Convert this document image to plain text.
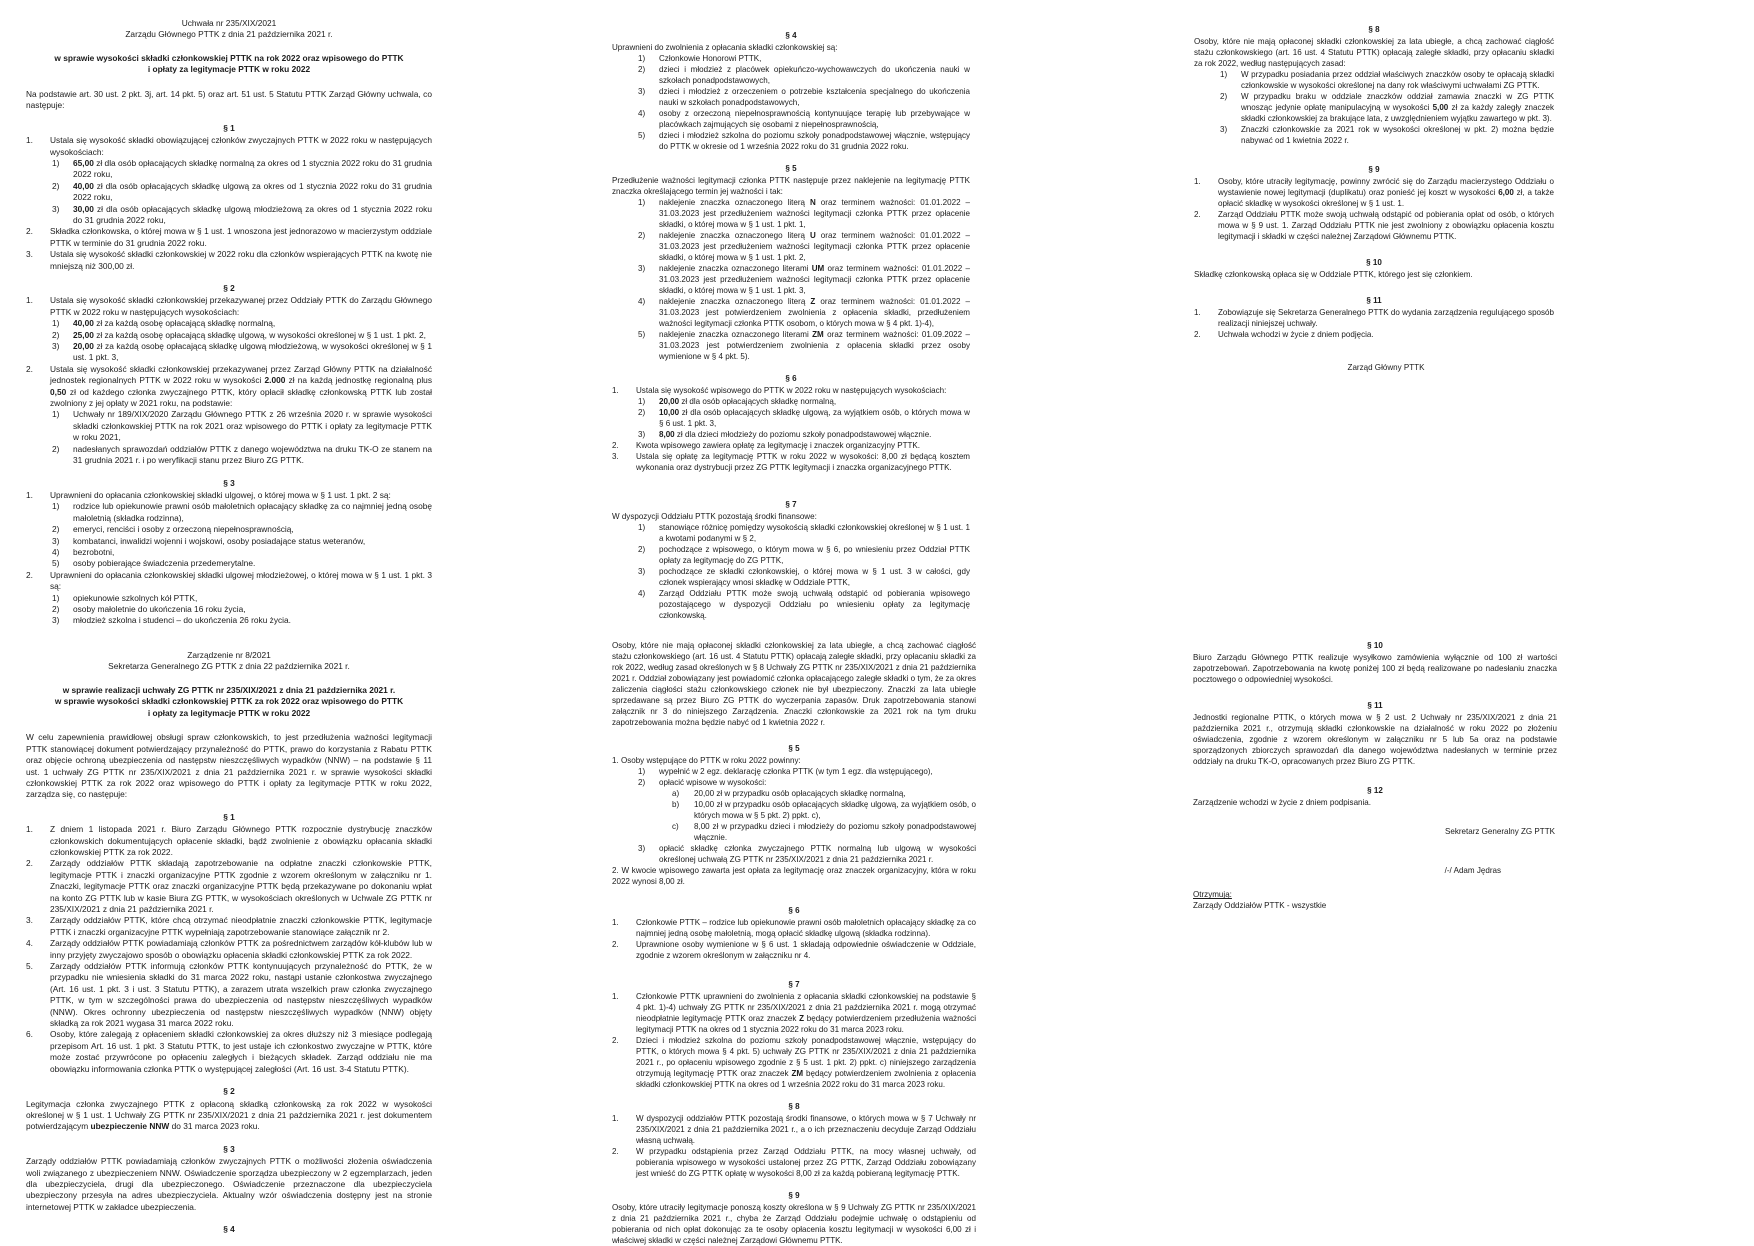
Uchwała nr 235/XIX/2021
Zarządu Głównego PTTK z dnia 21 października 2021 r.
w sprawie wysokości składki członkowskiej PTTK na rok 2022 oraz wpisowego do PTTK
i opłaty za legitymacje PTTK w roku 2022
Na podstawie art. 30 ust. 2 pkt. 3j, art. 14 pkt. 5) oraz art. 51 ust. 5 Statutu PTTK Zarząd Główny uchwala, co następuje:
§ 1
1.	Ustala się wysokość składki obowiązującej członków zwyczajnych PTTK w 2022 roku w następujących wysokościach:
1)	65,00 zł dla osób opłacających składkę normalną za okres od 1 stycznia 2022 roku do 31 grudnia 2022 roku,
2)	40,00 zł dla osób opłacających składkę ulgową za okres od 1 stycznia 2022 roku do 31 grudnia 2022 roku,
3)	30,00 zł dla osób opłacających składkę ulgową młodzieżową za okres od 1 stycznia 2022 roku do 31 grudnia 2022 roku,
2.	Składka członkowska, o której mowa w § 1 ust. 1 wnoszona jest jednorazowo w macierzystym oddziale PTTK w terminie do 31 grudnia 2022 roku.
3.	Ustala się wysokość składki członkowskiej w 2022 roku dla członków wspierających PTTK na kwotę nie mniejszą niż 300,00 zł.
§ 2
1.	Ustala się wysokość składki członkowskiej przekazywanej przez Oddziały PTTK do Zarządu Głównego PTTK w 2022 roku w następujących wysokościach:
1)	40,00 zł za każdą osobę opłacającą składkę normalną,
2)	25,00 zł za każdą osobę opłacającą składkę ulgową, w wysokości określonej w § 1 ust. 1 pkt. 2,
3)	20,00 zł za każdą osobę opłacającą składkę ulgową młodzieżową, w wysokości określonej w § 1 ust. 1 pkt. 3,
2.	Ustala się wysokość składki członkowskiej przekazywanej przez Zarząd Główny PTTK na działalność jednostek regionalnych PTTK w 2022 roku w wysokości 2.000 zł na każdą jednostkę regionalną plus 0,50 zł od każdego członka zwyczajnego PTTK, który opłacił składkę członkowską PTTK lub został zwolniony z jej opłaty w 2021 roku, na podstawie:
1)	Uchwały nr 189/XIX/2020 Zarządu Głównego PTTK z 26 września 2020 r. w sprawie wysokości składki członkowskiej PTTK na rok 2021 oraz wpisowego do PTTK i opłaty za legitymacje PTTK w roku 2021,
2)	nadesłanych sprawozdań oddziałów PTTK z danego województwa na druku TK-O ze stanem na 31 grudnia 2021 r. i po weryfikacji stanu przez Biuro ZG PTTK.
§ 3
1.	Uprawnieni do opłacania członkowskiej składki ulgowej, o której mowa w § 1 ust. 1 pkt. 2 są:
1)	rodzice lub opiekunowie prawni osób małoletnich opłacający składkę za co najmniej jedną osobę małoletnią (składka rodzinna),
2)	emeryci, renciści i osoby z orzeczoną niepełnosprawnością,
3)	kombatanci, inwalidzi wojenni i wojskowi, osoby posiadające status weteranów,
4)	bezrobotni,
5)	osoby pobierające świadczenia przedemerytalne.
2.	Uprawnieni do opłacania członkowskiej składki ulgowej młodzieżowej, o której mowa w § 1 ust. 1 pkt. 3 są:
1)	opiekunowie szkolnych kół PTTK,
2)	osoby małoletnie do ukończenia 16 roku życia,
3)	młodzież szkolna i studenci – do ukończenia 26 roku życia.
§ 4
Uprawnieni do zwolnienia z opłacania składki członkowskiej są:
1)	Członkowie Honorowi PTTK,
2)	dzieci i młodzież z placówek opiekuńczo-wychowawczych do ukończenia nauki w szkołach ponadpodstawowych,
3)	dzieci i młodzież z orzeczeniem o potrzebie kształcenia specjalnego do ukończenia nauki w szkołach ponadpodstawowych,
4)	osoby z orzeczoną niepełnosprawnością kontynuujące terapię lub przebywające w placówkach zajmujących się osobami z niepełnosprawnością,
5)	dzieci i młodzież szkolna do poziomu szkoły ponadpodstawowej włącznie, wstępujący do PTTK w okresie od 1 września 2022 roku do 31 grudnia 2022 roku.
§ 5
Przedłużenie ważności legitymacji członka PTTK następuje przez naklejenie na legitymację PTTK znaczka określającego termin jej ważności i tak:
1)	naklejenie znaczka oznaczonego literą N oraz terminem ważności: 01.01.2022 – 31.03.2023 jest przedłużeniem ważności legitymacji członka PTTK przez opłacenie składki, o której mowa w § 1 ust. 1 pkt. 1,
2)	naklejenie znaczka oznaczonego literą U oraz terminem ważności: 01.01.2022 – 31.03.2023 jest przedłużeniem ważności legitymacji członka PTTK przez opłacenie składki, o której mowa w § 1 ust. 1 pkt. 2,
3)	naklejenie znaczka oznaczonego literami UM oraz terminem ważności: 01.01.2022 – 31.03.2023 jest przedłużeniem ważności legitymacji członka PTTK przez opłacenie składki, o której mowa w § 1 ust. 1 pkt. 3,
4)	naklejenie znaczka oznaczonego literą Z oraz terminem ważności: 01.01.2022 – 31.03.2023 jest potwierdzeniem zwolnienia z opłacenia składki, przedłużeniem ważności legitymacji członka PTTK osobom, o których mowa w § 4 pkt. 1)-4),
5)	naklejenie znaczka oznaczonego literami ZM oraz terminem ważności: 01.09.2022 – 31.03.2023 jest potwierdzeniem zwolnienia z opłacenia składki przez osoby wymienione w § 4 pkt. 5).
§ 6
1.	Ustala się wysokość wpisowego do PTTK w 2022 roku w następujących wysokościach:
1)	20,00 zł dla osób opłacających składkę normalną,
2)	10,00 zł dla osób opłacających składkę ulgową, za wyjątkiem osób, o których mowa w § 6 ust. 1 pkt. 3,
3)	8,00 zł dla dzieci młodzieży do poziomu szkoły ponadpodstawowej włącznie.
2.	Kwota wpisowego zawiera opłatę za legitymację i znaczek organizacyjny PTTK.
3.	Ustala się opłatę za legitymację PTTK w roku 2022 w wysokości: 8,00 zł będącą kosztem wykonania oraz dystrybucji przez ZG PTTK legitymacji i znaczka organizacyjnego PTTK.
§ 7
W dyspozycji Oddziału PTTK pozostają środki finansowe:
1)	stanowiące różnicę pomiędzy wysokością składki członkowskiej określonej w § 1 ust. 1 a kwotami podanymi w § 2,
2)	pochodzące z wpisowego, o którym mowa w § 6, po wniesieniu przez Oddział PTTK opłaty za legitymację do ZG PTTK,
3)	pochodzące ze składki członkowskiej, o której mowa w § 1 ust. 3 w całości, gdy członek wspierający wnosi składkę w Oddziale PTTK,
4)	Zarząd Oddziału PTTK może swoją uchwałą odstąpić od pobierania wpisowego pozostającego w dyspozycji Oddziału po wniesieniu opłaty za legitymację członkowską.
§ 8
Osoby, które nie mają opłaconej składki członkowskiej za lata ubiegłe, a chcą zachować ciągłość stażu członkowskiego (art. 16 ust. 4 Statutu PTTK) opłacają zaległe składki, przy opłacaniu składki za rok 2022, według następujących zasad:
1)	W przypadku posiadania przez oddział właściwych znaczków osoby te opłacają składki członkowskie w wysokości określonej na dany rok właściwymi uchwałami ZG PTTK.
2)	W przypadku braku w oddziale znaczków oddział zamawia znaczki w ZG PTTK wnosząc jedynie opłatę manipulacyjną w wysokości 5,00 zł za każdy zaległy znaczek składki członkowskiej za brakujące lata, z uwzględnieniem wyjątku zawartego w pkt. 3).
3)	Znaczki członkowskie za 2021 rok w wysokości określonej w pkt. 2) można będzie nabywać od 1 kwietnia 2022 r.
§ 9
1.	Osoby, które utraciły legitymację, powinny zwrócić się do Zarządu macierzystego Oddziału o wystawienie nowej legitymacji (duplikatu) oraz ponieść jej koszt w wysokości 6,00 zł, a także opłacić składkę w wysokości określonej w § 1 ust. 1.
2.	Zarząd Oddziału PTTK może swoją uchwałą odstąpić od pobierania opłat od osób, o których mowa w § 9 ust. 1. Zarząd Oddziału PTTK nie jest zwolniony z obowiązku opłacenia kosztu legitymacji i składki w części należnej Zarządowi Głównemu PTTK.
§ 10
Składkę członkowską opłaca się w Oddziale PTTK, którego jest się członkiem.
§ 11
1.	Zobowiązuje się Sekretarza Generalnego PTTK do wydania zarządzenia regulującego sposób realizacji niniejszej uchwały.
2.	Uchwała wchodzi w życie z dniem podjęcia.
Zarząd Główny PTTK
Zarządzenie nr 8/2021
Sekretarza Generalnego ZG PTTK z dnia 22 października 2021 r.
w sprawie realizacji uchwały ZG PTTK nr 235/XIX/2021 z dnia 21 października 2021 r.
w sprawie wysokości składki członkowskiej PTTK za rok 2022 oraz wpisowego do PTTK
i opłaty za legitymacje PTTK w roku 2022
W celu zapewnienia prawidłowej obsługi spraw członkowskich, to jest przedłużenia ważności legitymacji PTTK stanowiącej dokument potwierdzający przynależność do PTTK, prawo do korzystania z Rabatu PTTK oraz objęcie ochroną ubezpieczenia od następstw nieszczęśliwych wypadków (NNW) – na podstawie § 11 ust. 1 uchwały ZG PTTK nr 235/XIX/2021 z dnia 21 października 2021 r. w sprawie wysokości składki członkowskiej PTTK za rok 2022 oraz wpisowego do PTTK i opłaty za legitymacje PTTK w roku 2022, zarządza się, co następuje:
§ 1
1.	Z dniem 1 listopada 2021 r. Biuro Zarządu Głównego PTTK rozpocznie dystrybucję znaczków członkowskich dokumentujących opłacenie składki, bądź zwolnienie z obowiązku opłacania składki członkowskiej PTTK za rok 2022.
2.	Zarządy oddziałów PTTK składają zapotrzebowanie na odpłatne znaczki członkowskie PTTK, legitymacje PTTK i znaczki organizacyjne PTTK zgodnie z wzorem określonym w załączniku nr 1. Znaczki, legitymacje PTTK oraz znaczki organizacyjne PTTK będą przekazywane po dokonaniu wpłat na konto ZG PTTK lub w kasie Biura ZG PTTK, w wysokościach określonych w Uchwale ZG PTTK nr 235/XIX/2021 z dnia 21 października 2021 r.
3.	Zarządy oddziałów PTTK, które chcą otrzymać nieodpłatnie znaczki członkowskie PTTK, legitymacje PTTK i znaczki organizacyjne PTTK wypełniają zapotrzebowanie stanowiące załącznik nr 2.
4.	Zarządy oddziałów PTTK powiadamiają członków PTTK za pośrednictwem zarządów kół-klubów lub w inny przyjęty zwyczajowo sposób o obowiązku opłacenia składki członkowskiej PTTK za rok 2022.
5.	Zarządy oddziałów PTTK informują członków PTTK kontynuujących przynależność do PTTK, że w przypadku nie wniesienia składki do 31 marca 2022 roku, nastąpi ustanie członkostwa zwyczajnego (Art. 16 ust. 1 pkt. 3 i ust. 3 Statutu PTTK), a zarazem utrata wszelkich praw członka zwyczajnego PTTK, w tym w szczególności prawa do ubezpieczenia od następstw nieszczęśliwych wypadków (NNW). Okres ochronny ubezpieczenia od następstw nieszczęśliwych wypadków (NNW) objęty składką za rok 2021 wygasa 31 marca 2022 roku.
6.	Osoby, które zalegają z opłaceniem składki członkowskiej za okres dłuższy niż 3 miesiące podlegają przepisom Art. 16 ust. 1 pkt. 3 Statutu PTTK, to jest ustaje ich członkostwo zwyczajne w PTTK, które może zostać przywrócone po opłaceniu zaległych i bieżących składek. Zarząd oddziału nie ma obowiązku informowania członka PTTK o występującej zaległości (Art. 16 ust. 3-4 Statutu PTTK).
§ 2
Legitymacja członka zwyczajnego PTTK z opłaconą składką członkowską za rok 2022 w wysokości określonej w § 1 ust. 1 Uchwały ZG PTTK nr 235/XIX/2021 z dnia 21 października 2021 r. jest dokumentem potwierdzającym ubezpieczenie NNW do 31 marca 2023 roku.
§ 3
Zarządy oddziałów PTTK powiadamiają członków zwyczajnych PTTK o możliwości złożenia oświadczenia woli związanego z ubezpieczeniem NNW. Oświadczenie sporządza ubezpieczony w 2 egzemplarzach, jeden dla ubezpieczyciela, drugi dla ubezpieczonego. Oświadczenie przeznaczone dla ubezpieczyciela ubezpieczony przesyła na adres ubezpieczyciela. Aktualny wzór oświadczenia dostępny jest na stronie internetowej PTTK w zakładce ubezpieczenia.
§ 4
Osoby, które nie mają opłaconej składki członkowskiej za lata ubiegłe, a chcą zachować ciągłość stażu członkowskiego (art. 16 ust. 4 Statutu PTTK) opłacają zaległe składki, przy opłacaniu składki za rok 2022, według zasad określonych w § 8 Uchwały ZG PTTK nr 235/XIX/2021 z dnia 21 października 2021 r. Oddział zobowiązany jest powiadomić członka opłacającego zaległe składki o tym, że za okres zaliczenia ciągłości stażu członkowskiego członek nie był ubezpieczony. Znaczki za lata ubiegłe sprzedawane są przez Biuro ZG PTTK do wyczerpania zapasów. Druk zapotrzebowania stanowi załącznik nr 3 do niniejszego Zarządzenia. Znaczki członkowskie za 2021 rok na tym druku zapotrzebowania można będzie nabyć od 1 kwietnia 2022 r.
§ 5
1. Osoby wstępujące do PTTK w roku 2022 powinny:
1)	wypełnić w 2 egz. deklarację członka PTTK (w tym 1 egz. dla wstępującego),
2)	opłacić wpisowe w wysokości:
a)	20,00 zł w przypadku osób opłacających składkę normalną,
b)	10,00 zł w przypadku osób opłacających składkę ulgową, za wyjątkiem osób, o których mowa w § 5 pkt. 2) ppkt. c),
c)	8,00 zł w przypadku dzieci i młodzieży do poziomu szkoły ponadpodstawowej włącznie.
3)	opłacić składkę członka zwyczajnego PTTK normalną lub ulgową w wysokości określonej uchwałą ZG PTTK nr 235/XIX/2021 z dnia 21 października 2021 r.
2. W kwocie wpisowego zawarta jest opłata za legitymację oraz znaczek organizacyjny, która w roku 2022 wynosi 8,00 zł.
§ 6
1.	Członkowie PTTK – rodzice lub opiekunowie prawni osób małoletnich opłacający składkę za co najmniej jedną osobę małoletnią, mogą opłacić składkę ulgową (składka rodzinna).
2.	Uprawnione osoby wymienione w § 6 ust. 1 składają odpowiednie oświadczenie w Oddziale, zgodnie z wzorem określonym w załączniku nr 4.
§ 7
1.	Członkowie PTTK uprawnieni do zwolnienia z opłacania składki członkowskiej na podstawie § 4 pkt. 1)-4) uchwały ZG PTTK nr 235/XIX/2021 z dnia 21 października 2021 r. mogą otrzymać nieodpłatnie legitymację PTTK oraz znaczek Z będący potwierdzeniem przedłużenia ważności legitymacji PTTK na okres od 1 stycznia 2022 roku do 31 marca 2023 roku.
2.	Dzieci i młodzież szkolna do poziomu szkoły ponadpodstawowej włącznie, wstępujący do PTTK, o których mowa § 4 pkt. 5) uchwały ZG PTTK nr 235/XIX/2021 z dnia 21 października 2021 r., po opłaceniu wpisowego zgodnie z § 5 ust. 1 pkt. 2) ppkt. c) niniejszego zarządzenia otrzymują legitymację PTTK oraz znaczek ZM będący potwierdzeniem zwolnienia z opłacenia składki członkowskiej PTTK na okres od 1 września 2022 roku do 31 marca 2023 roku.
§ 8
1.	W dyspozycji oddziałów PTTK pozostają środki finansowe, o których mowa w § 7 Uchwały nr 235/XIX/2021 z dnia 21 października 2021 r., a o ich przeznaczeniu decyduje Zarząd Oddziału własną uchwałą.
2.	W przypadku odstąpienia przez Zarząd Oddziału PTTK, na mocy własnej uchwały, od pobierania wpisowego w wysokości ustalonej przez ZG PTTK, Zarząd Oddziału zobowiązany jest wnieść do ZG PTTK opłatę w wysokości 8,00 zł za każdą pobieraną legitymację PTTK.
§ 9
Osoby, które utraciły legitymacje ponoszą koszty określona w § 9 Uchwały ZG PTTK nr 235/XIX/2021 z dnia 21 października 2021 r., chyba że Zarząd Oddziału podejmie uchwałę o odstąpieniu od pobierania od nich opłat dokonując za te osoby opłacenia kosztu legitymacji w wysokości 6,00 zł i właściwej składki w części należnej Zarządowi Głównemu PTTK.
§ 10
Biuro Zarządu Głównego PTTK realizuje wysyłkowo zamówienia wyłącznie od 100 zł wartości zapotrzebowań. Zapotrzebowania na kwotę poniżej 100 zł będą realizowane po nadesłaniu znaczka pocztowego o odpowiedniej wysokości.
§ 11
Jednostki regionalne PTTK, o których mowa w § 2 ust. 2 Uchwały nr 235/XIX/2021 z dnia 21 października 2021 r., otrzymują składki członkowskie na działalność w roku 2022 po złożeniu oświadczenia, zgodnie z wzorem określonym w załączniku nr 5 lub 5a oraz na podstawie sporządzonych zbiorczych sprawozdań dla danego województwa nadesłanych w terminie przez oddziały na druku TK-O, opracowanych przez Biuro ZG PTTK.
§ 12
Zarządzenie wchodzi w życie z dniem podpisania.
Sekretarz Generalny ZG PTTK
/-/ Adam Jędras
Otrzymują:
Zarządy Oddziałów PTTK - wszystkie
